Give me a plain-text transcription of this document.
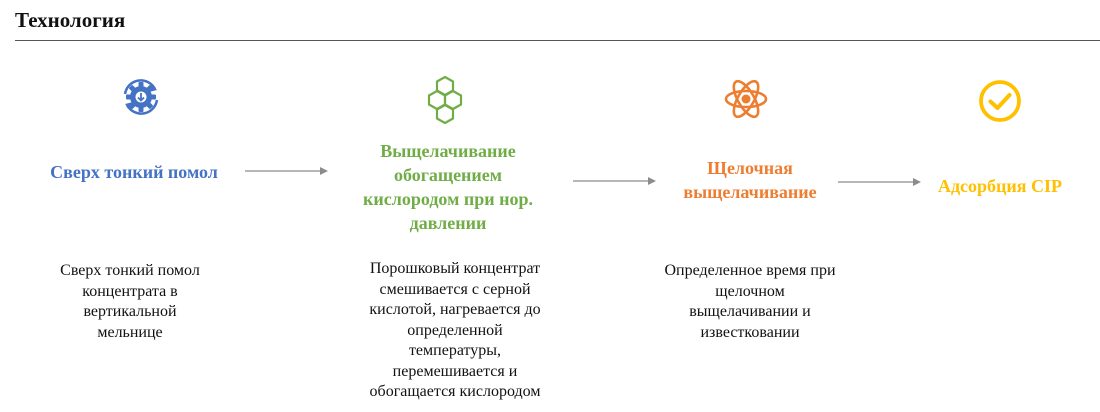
Технология
Сверх тонкий помол
Выщелачивание
обогащением
кислородом при нор.
давлении
Щелочная
выщелачивание	Адсорбция CIP
Сверх тонкий помол
концентрата в
вертикальной
мельнице
Порошковый концентрат
смешивается с серной
кислотой, нагревается до
определенной
температуры,
перемешивается и
обогащается кислородом
Определенное время при
щелочном
выщелачивании и
известковании
